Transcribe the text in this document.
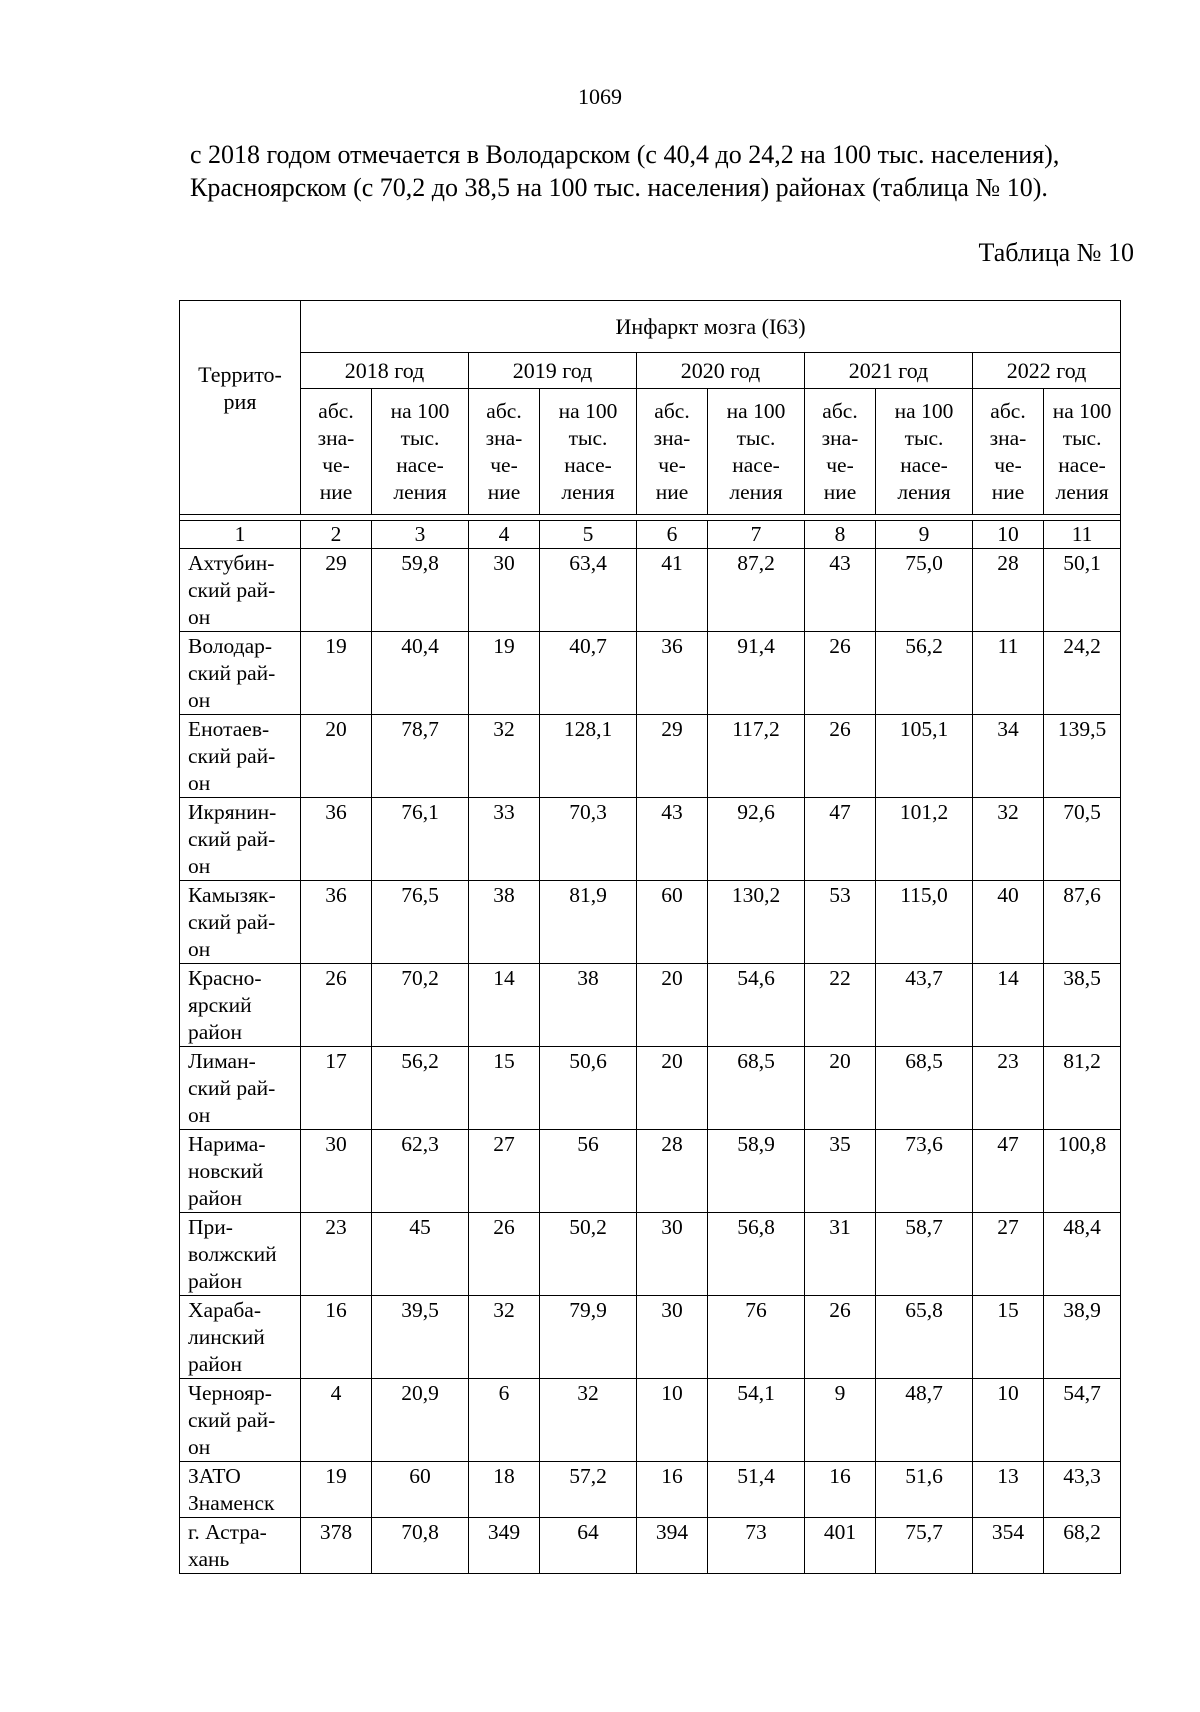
1069

с 2018 годом отмечается в Володарском (с 40,4 до 24,2 на 100 тыс. населения),

Красноярском (с 70,2 до 38,5 на 100 тыс. населения) районах (таблица № 10).

Таблица № 10
Террито-
рия	Инфаркт мозга (I63)									
	2018 год		2019 год		2020 год		2021 год		2022 год	

	абс.
зна-
че-
ние	на 100
тыс.
насе-
ления	абс.
зна-
че-
ние	на 100
тыс.
насе-
ления	абс.
зна-
че-
ние	на 100
тыс.
насе-
ления	абс.
зна-
че-
ние	на 100
тыс.
насе-
ления	абс.
зна-
че-
ние	на 100
тыс.
насе-
ления

1	2	3	4	5	6	7	8	9	10	11
Ахтубин-
ский рай-
он	29	59,8	30	63,4	41	87,2	43	75,0	28	50,1
Володар-
ский рай-
он	19	40,4	19	40,7	36	91,4	26	56,2	11	24,2
Енотаев-
ский рай-
он	20	78,7	32	128,1	29	117,2	26	105,1	34	139,5
Икрянин-
ский рай-
он	36	76,1	33	70,3	43	92,6	47	101,2	32	70,5
Камызяк-
ский рай-
он	36	76,5	38	81,9	60	130,2	53	115,0	40	87,6
Красно-
ярский
район	26	70,2	14	38	20	54,6	22	43,7	14	38,5
Лиман-
ский рай-
он	17	56,2	15	50,6	20	68,5	20	68,5	23	81,2
Нарима-
новский
район	30	62,3	27	56	28	58,9	35	73,6	47	100,8
При-
волжский
район	23	45	26	50,2	30	56,8	31	58,7	27	48,4
Хараба-
линский
район	16	39,5	32	79,9	30	76	26	65,8	15	38,9
Чернояр-
ский рай-
он	4	20,9	6	32	10	54,1	9	48,7	10	54,7
ЗАТО
Знаменск	19	60	18	57,2	16	51,4	16	51,6	13	43,3
г. Астра-
хань	378	70,8	349	64	394	73	401	75,7	354	68,2
